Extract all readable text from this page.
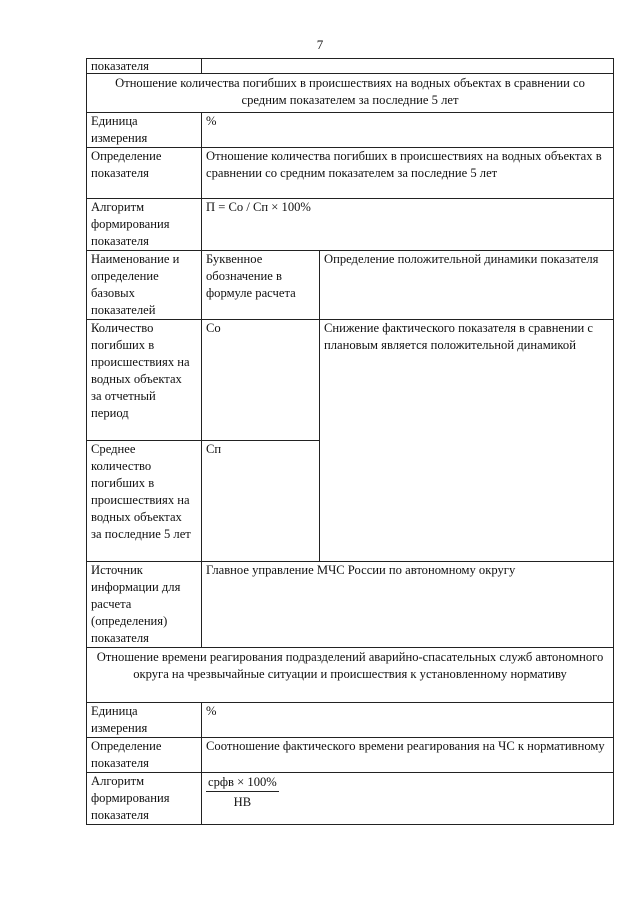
7
показателя		
Отношение количества погибших в происшествиях на водных объектах в сравнении со средним показателем за последние 5 лет		
Единица измерения	%	
Определение показателя	Отношение количества погибших в происшествиях на водных объектах в сравнении со средним показателем за последние 5 лет	
Алгоритм формирования показателя	П = Со / Сп × 100%	
Наименование и определение базовых показателей	Буквенное обозначение в формуле расчета	Определение положительной динамики показателя
Количество погибших в происшествиях на водных объектах за отчетный период	Со	Снижение фактического показателя в сравнении с плановым является положительной динамикой
Среднее количество погибших в происшествиях на водных объектах за последние 5 лет	Сп	
Источник информации для расчета (определения) показателя	Главное управление МЧС России по автономному округу	
Отношение времени реагирования подразделений аварийно-спасательных служб автономного округа на чрезвычайные ситуации и происшествия к установленному нормативу		
Единица измерения	%	
Определение показателя	Соотношение фактического времени реагирования на ЧС к нормативному	
Алгоритм формирования показателя	$\frac{\text{срфв × 100\%}}{НВ}$
